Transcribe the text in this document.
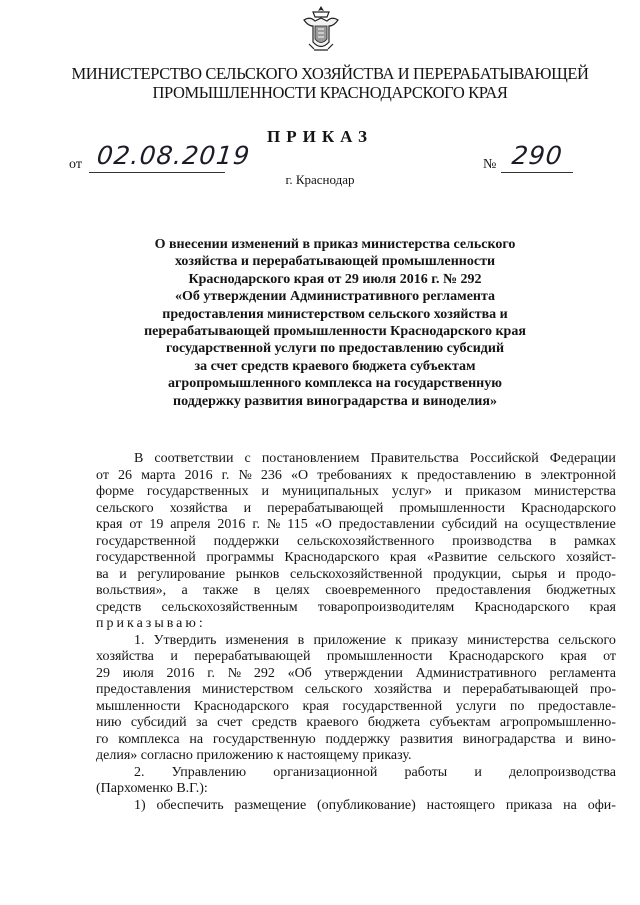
МИНИСТЕРСТВО СЕЛЬСКОГО ХОЗЯЙСТВА И ПЕРЕРАБАТЫВАЮЩЕЙ
ПРОМЫШЛЕННОСТИ КРАСНОДАРСКОГО КРАЯ
ПРИКАЗ
от 02.08.2019	№ 290
г. Краснодар
О внесении изменений в приказ министерства сельского
хозяйства и перерабатывающей промышленности
Краснодарского края от 29 июля 2016 г. № 292
«Об утверждении Административного регламента
предоставления министерством сельского хозяйства и
перерабатывающей промышленности Краснодарского края
государственной услуги по предоставлению субсидий
за счет средств краевого бюджета субъектам
агропромышленного комплекса на государственную
поддержку развития виноградарства и виноделия»
В соответствии с постановлением Правительства Российской Федерации
от 26 марта 2016 г. № 236 «О требованиях к предоставлению в электронной
форме государственных и муниципальных услуг» и приказом министерства
сельского хозяйства и перерабатывающей промышленности Краснодарского
края от 19 апреля 2016 г. № 115 «О предоставлении субсидий на осуществление
государственной поддержки сельскохозяйственного производства в рамках
государственной программы Краснодарского края «Развитие сельского хозяйст-
ва и регулирование рынков сельскохозяйственной продукции, сырья и продо-
вольствия», а также в целях своевременного предоставления бюджетных
средств сельскохозяйственным товаропроизводителям Краснодарского края
приказываю:
1. Утвердить изменения в приложение к приказу министерства сельского
хозяйства и перерабатывающей промышленности Краснодарского края от
29 июля 2016 г. № 292 «Об утверждении Административного регламента
предоставления министерством сельского хозяйства и перерабатывающей про-
мышленности Краснодарского края государственной услуги по предоставле-
нию субсидий за счет средств краевого бюджета субъектам агропромышленно-
го комплекса на государственную поддержку развития виноградарства и вино-
делия» согласно приложению к настоящему приказу.
2. Управлению организационной работы и делопроизводства
(Пархоменко В.Г.):
1) обеспечить размещение (опубликование) настоящего приказа на офи-
